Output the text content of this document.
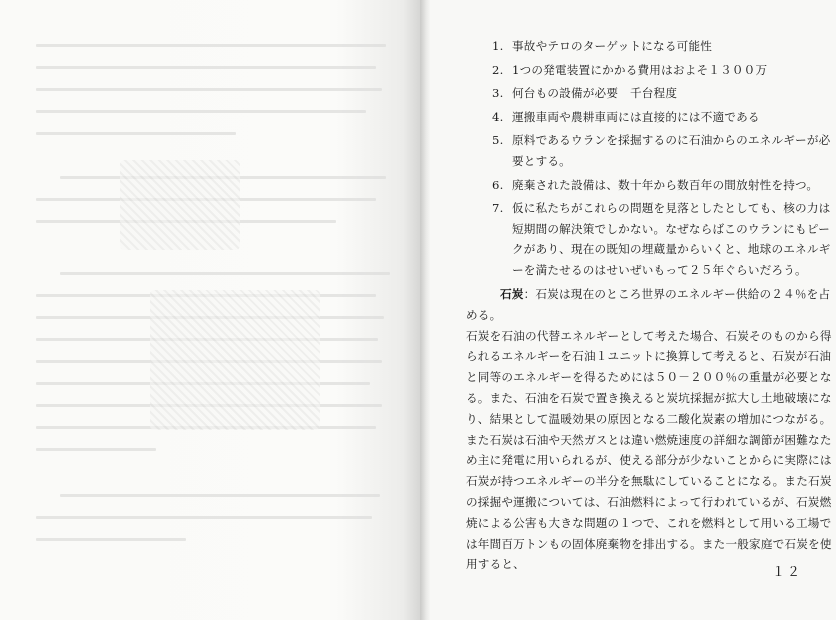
1. 事故やテロのターゲットになる可能性
2. 1つの発電装置にかかる費用はおよそ１３００万
3. 何台もの設備が必要　千台程度
4. 運搬車両や農耕車両には直接的には不適である
5. 原料であるウランを採掘するのに石油からのエネルギーが必要とする。
6. 廃棄された設備は、数十年から数百年の間放射性を持つ。
7. 仮に私たちがこれらの問題を見落としたとしても、核の力は短期間の解決策でしかない。なぜならばこのウランにもピークがあり、現在の既知の埋蔵量からいくと、地球のエネルギーを満たせるのはせいぜいもって２５年ぐらいだろう。

石炭：石炭は現在のところ世界のエネルギー供給の２４％を占める。

石炭を石油の代替エネルギーとして考えた場合、石炭そのものから得られるエネルギーを石油１ユニットに換算して考えると、石炭が石油と同等のエネルギーを得るためには５０－２００％の重量が必要となる。また、石油を石炭で置き換えると炭坑採掘が拡大し土地破壊になり、結果として温暖効果の原因となる二酸化炭素の増加につながる。

また石炭は石油や天然ガスとは違い燃焼速度の詳細な調節が困難なため主に発電に用いられるが、使える部分が少ないことからに実際には石炭が持つエネルギーの半分を無駄にしていることになる。また石炭の採掘や運搬については、石油燃料によって行われているが、石炭燃焼による公害も大きな問題の１つで、これを燃料として用いる工場では年間百万トンもの固体廃棄物を排出する。また一般家庭で石炭を使用すると、

１２
